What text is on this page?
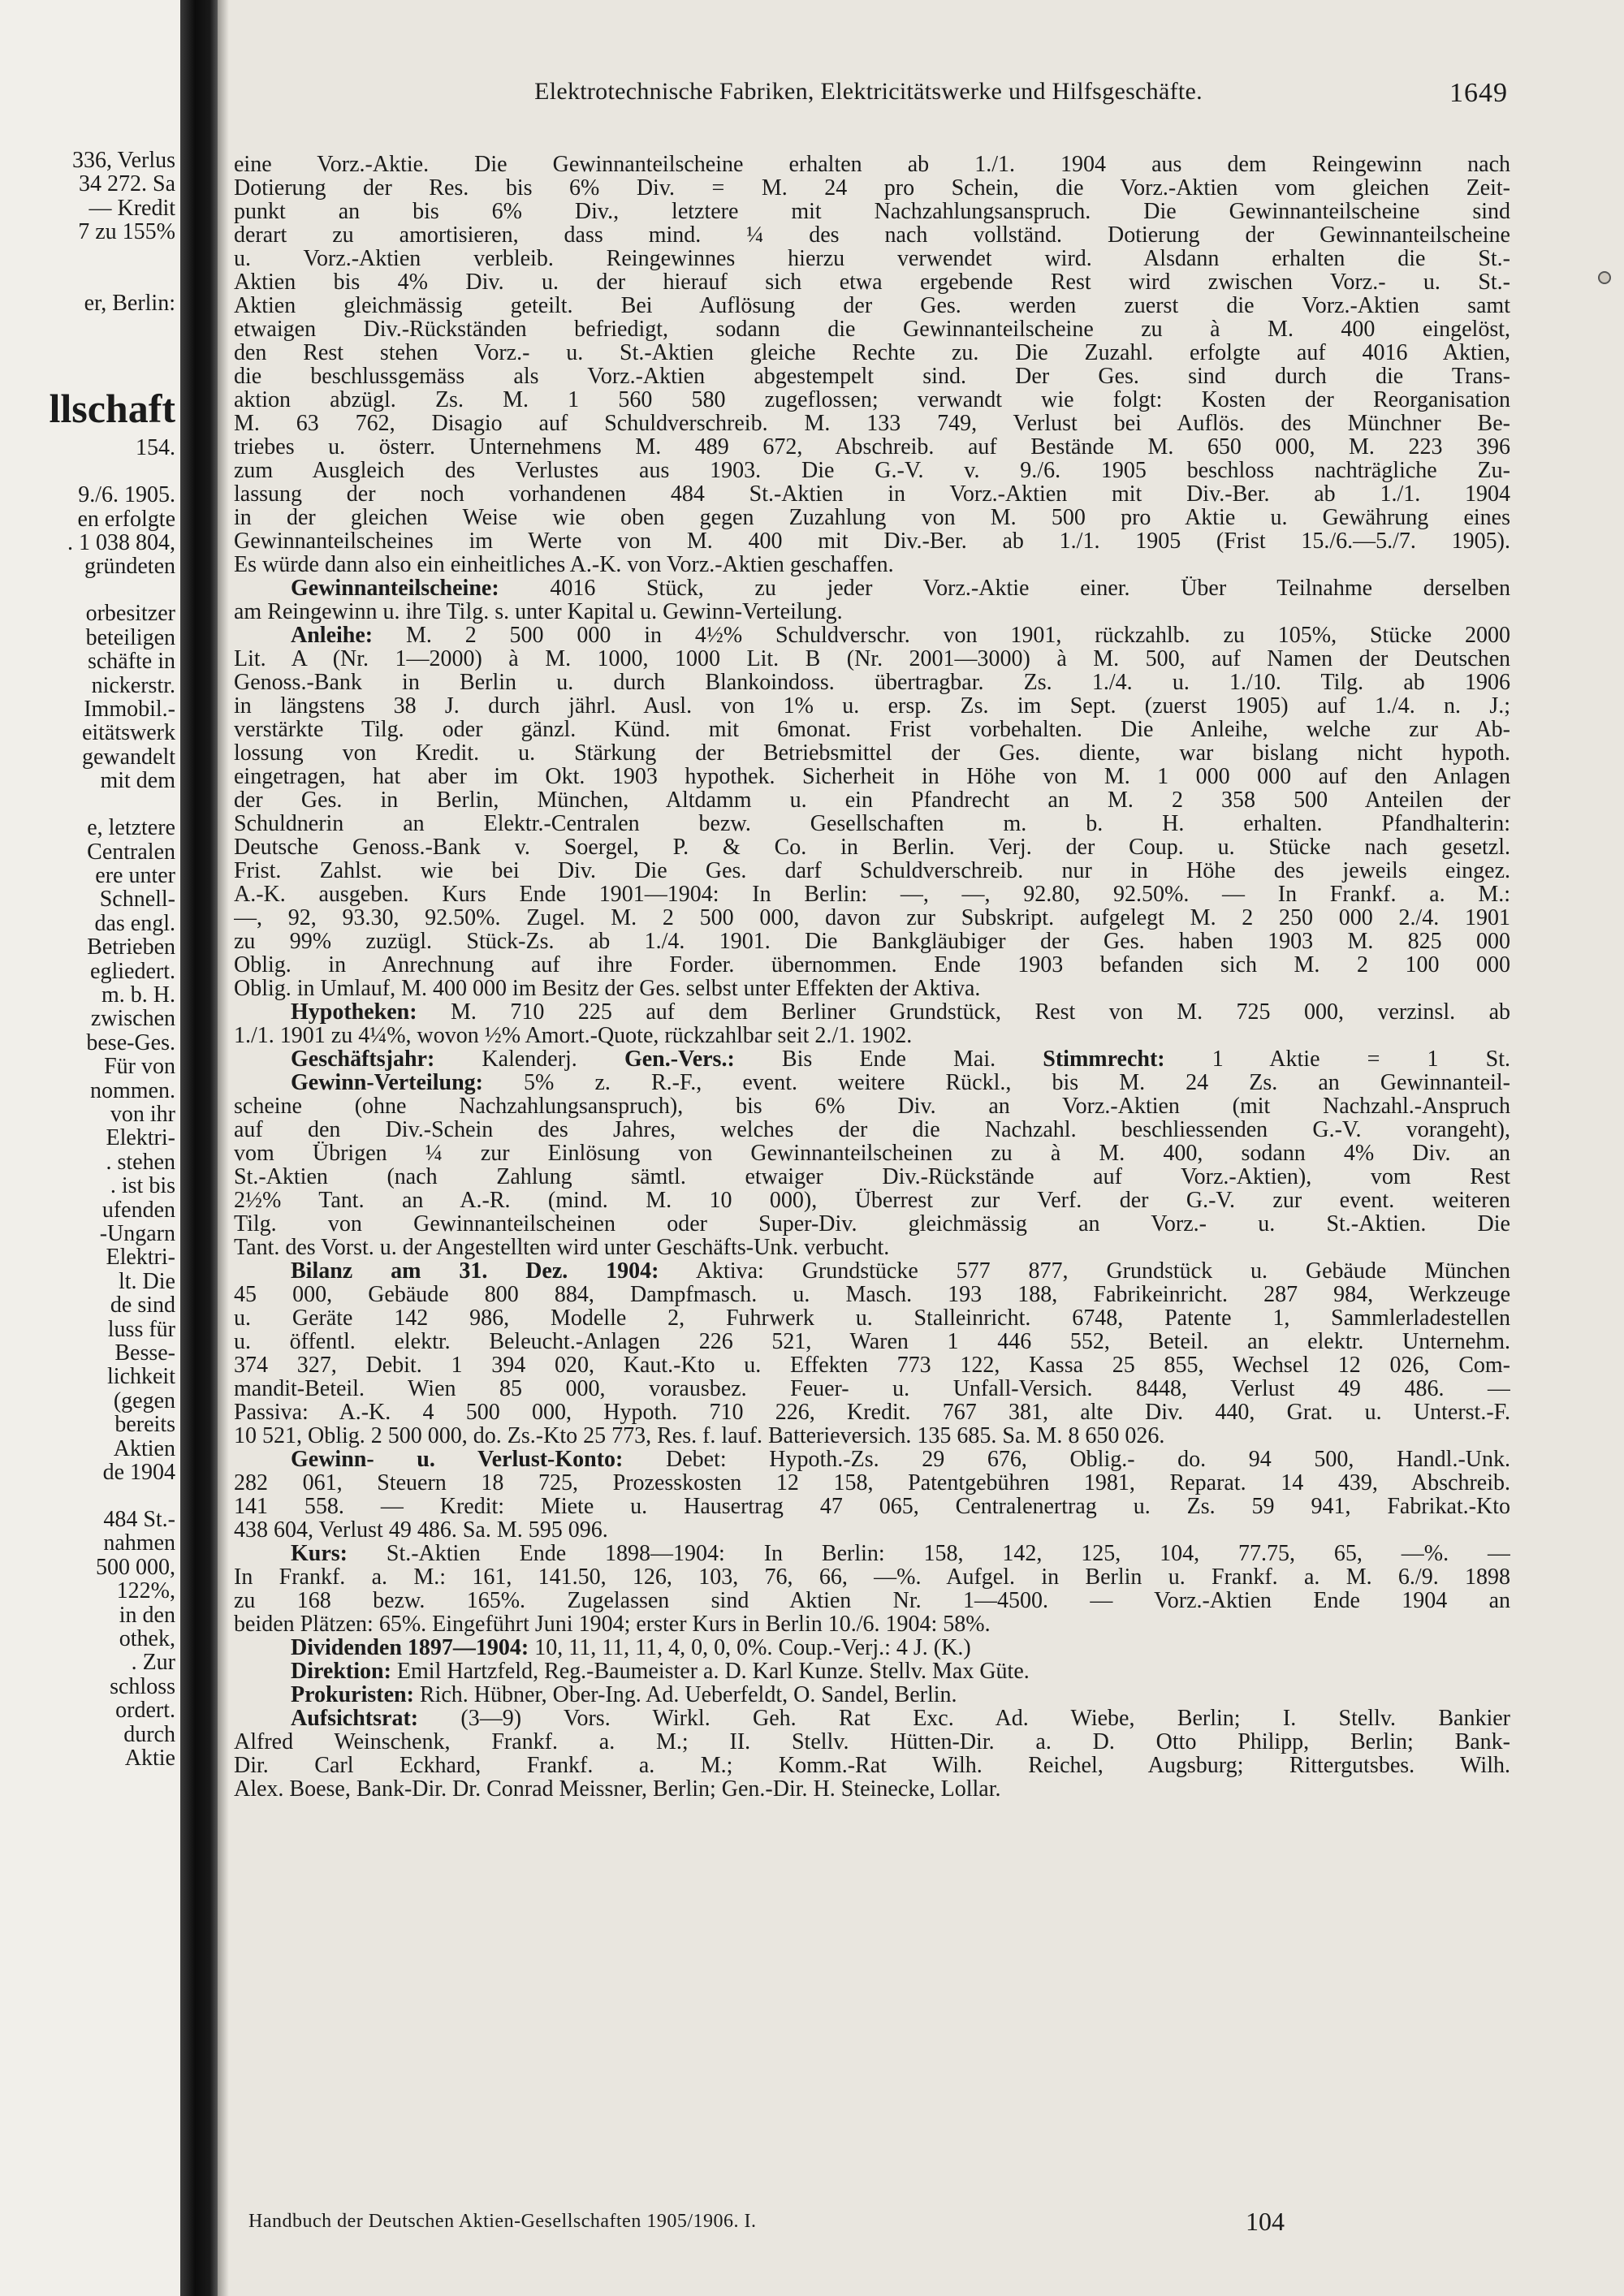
336, Verlus
34 272. Sa
— Kredit
7 zu 155%
er, Berlin:
llschaft
154.
9./6. 1905.
en erfolgte
. 1 038 804,
gründeten
orbesitzer
beteiligen
schäfte in
nickerstr.
Immobil.-
eitätswerk
gewandelt
mit dem
e, letztere
Centralen
ere unter
Schnell-
das engl.
Betrieben
egliedert.
m. b. H.
zwischen
bese-Ges.
Für von
nommen.
von ihr
Elektri-
. stehen
. ist bis
ufenden
-Ungarn
Elektri-
lt. Die
de sind
luss für
Besse-
lichkeit
(gegen
bereits
Aktien
de 1904
484 St.-
nahmen
500 000,
122%,
in den
othek,
. Zur
schloss
ordert.
durch
Aktie
Elektrotechnische Fabriken, Elektricitätswerke und Hilfsgeschäfte.	1649
eine Vorz.-Aktie. Die Gewinnanteilscheine erhalten ab 1./1. 1904 aus dem Reingewinn nach
Dotierung der Res. bis 6% Div. = M. 24 pro Schein, die Vorz.-Aktien vom gleichen Zeit-
punkt an bis 6% Div., letztere mit Nachzahlungsanspruch. Die Gewinnanteilscheine sind
derart zu amortisieren, dass mind. ¼ des nach vollständ. Dotierung der Gewinnanteilscheine
u. Vorz.-Aktien verbleib. Reingewinnes hierzu verwendet wird. Alsdann erhalten die St.-
Aktien bis 4% Div. u. der hierauf sich etwa ergebende Rest wird zwischen Vorz.- u. St.-
Aktien gleichmässig geteilt. Bei Auflösung der Ges. werden zuerst die Vorz.-Aktien samt
etwaigen Div.-Rückständen befriedigt, sodann die Gewinnanteilscheine zu à M. 400 eingelöst,
den Rest stehen Vorz.- u. St.-Aktien gleiche Rechte zu. Die Zuzahl. erfolgte auf 4016 Aktien,
die beschlussgemäss als Vorz.-Aktien abgestempelt sind. Der Ges. sind durch die Trans-
aktion abzügl. Zs. M. 1 560 580 zugeflossen; verwandt wie folgt: Kosten der Reorganisation
M. 63 762, Disagio auf Schuldverschreib. M. 133 749, Verlust bei Auflös. des Münchner Be-
triebes u. österr. Unternehmens M. 489 672, Abschreib. auf Bestände M. 650 000, M. 223 396
zum Ausgleich des Verlustes aus 1903. Die G.-V. v. 9./6. 1905 beschloss nachträgliche Zu-
lassung der noch vorhandenen 484 St.-Aktien in Vorz.-Aktien mit Div.-Ber. ab 1./1. 1904
in der gleichen Weise wie oben gegen Zuzahlung von M. 500 pro Aktie u. Gewährung eines
Gewinnanteilscheines im Werte von M. 400 mit Div.-Ber. ab 1./1. 1905 (Frist 15./6.—5./7. 1905).
Es würde dann also ein einheitliches A.-K. von Vorz.-Aktien geschaffen.
Gewinnanteilscheine: 4016 Stück, zu jeder Vorz.-Aktie einer. Über Teilnahme derselben
am Reingewinn u. ihre Tilg. s. unter Kapital u. Gewinn-Verteilung.
Anleihe: M. 2 500 000 in 4½% Schuldverschr. von 1901, rückzahlb. zu 105%, Stücke 2000
Lit. A (Nr. 1—2000) à M. 1000, 1000 Lit. B (Nr. 2001—3000) à M. 500, auf Namen der Deutschen
Genoss.-Bank in Berlin u. durch Blankoindoss. übertragbar. Zs. 1./4. u. 1./10. Tilg. ab 1906
in längstens 38 J. durch jährl. Ausl. von 1% u. ersp. Zs. im Sept. (zuerst 1905) auf 1./4. n. J.;
verstärkte Tilg. oder gänzl. Künd. mit 6monat. Frist vorbehalten. Die Anleihe, welche zur Ab-
lossung von Kredit. u. Stärkung der Betriebsmittel der Ges. diente, war bislang nicht hypoth.
eingetragen, hat aber im Okt. 1903 hypothek. Sicherheit in Höhe von M. 1 000 000 auf den Anlagen
der Ges. in Berlin, München, Altdamm u. ein Pfandrecht an M. 2 358 500 Anteilen der
Schuldnerin an Elektr.-Centralen bezw. Gesellschaften m. b. H. erhalten. Pfandhalterin:
Deutsche Genoss.-Bank v. Soergel, P. & Co. in Berlin. Verj. der Coup. u. Stücke nach gesetzl.
Frist. Zahlst. wie bei Div. Die Ges. darf Schuldverschreib. nur in Höhe des jeweils eingez.
A.-K. ausgeben. Kurs Ende 1901—1904: In Berlin: —, —, 92.80, 92.50%. — In Frankf. a. M.:
—, 92, 93.30, 92.50%. Zugel. M. 2 500 000, davon zur Subskript. aufgelegt M. 2 250 000 2./4. 1901
zu 99% zuzügl. Stück-Zs. ab 1./4. 1901. Die Bankgläubiger der Ges. haben 1903 M. 825 000
Oblig. in Anrechnung auf ihre Forder. übernommen. Ende 1903 befanden sich M. 2 100 000
Oblig. in Umlauf, M. 400 000 im Besitz der Ges. selbst unter Effekten der Aktiva.
Hypotheken: M. 710 225 auf dem Berliner Grundstück, Rest von M. 725 000, verzinsl. ab
1./1. 1901 zu 4¼%, wovon ½% Amort.-Quote, rückzahlbar seit 2./1. 1902.
Geschäftsjahr: Kalenderj. Gen.-Vers.: Bis Ende Mai. Stimmrecht: 1 Aktie = 1 St.
Gewinn-Verteilung: 5% z. R.-F., event. weitere Rückl., bis M. 24 Zs. an Gewinnanteil-
scheine (ohne Nachzahlungsanspruch), bis 6% Div. an Vorz.-Aktien (mit Nachzahl.-Anspruch
auf den Div.-Schein des Jahres, welches der die Nachzahl. beschliessenden G.-V. vorangeht),
vom Übrigen ¼ zur Einlösung von Gewinnanteilscheinen zu à M. 400, sodann 4% Div. an
St.-Aktien (nach Zahlung sämtl. etwaiger Div.-Rückstände auf Vorz.-Aktien), vom Rest
2½% Tant. an A.-R. (mind. M. 10 000), Überrest zur Verf. der G.-V. zur event. weiteren
Tilg. von Gewinnanteilscheinen oder Super-Div. gleichmässig an Vorz.- u. St.-Aktien. Die
Tant. des Vorst. u. der Angestellten wird unter Geschäfts-Unk. verbucht.
Bilanz am 31. Dez. 1904: Aktiva: Grundstücke 577 877, Grundstück u. Gebäude München
45 000, Gebäude 800 884, Dampfmasch. u. Masch. 193 188, Fabrikeinricht. 287 984, Werkzeuge
u. Geräte 142 986, Modelle 2, Fuhrwerk u. Stalleinricht. 6748, Patente 1, Sammlerladestellen
u. öffentl. elektr. Beleucht.-Anlagen 226 521, Waren 1 446 552, Beteil. an elektr. Unternehm.
374 327, Debit. 1 394 020, Kaut.-Kto u. Effekten 773 122, Kassa 25 855, Wechsel 12 026, Com-
mandit-Beteil. Wien 85 000, vorausbez. Feuer- u. Unfall-Versich. 8448, Verlust 49 486. —
Passiva: A.-K. 4 500 000, Hypoth. 710 226, Kredit. 767 381, alte Div. 440, Grat. u. Unterst.-F.
10 521, Oblig. 2 500 000, do. Zs.-Kto 25 773, Res. f. lauf. Batterieversich. 135 685. Sa. M. 8 650 026.
Gewinn- u. Verlust-Konto: Debet: Hypoth.-Zs. 29 676, Oblig.- do. 94 500, Handl.-Unk.
282 061, Steuern 18 725, Prozesskosten 12 158, Patentgebühren 1981, Reparat. 14 439, Abschreib.
141 558. — Kredit: Miete u. Hausertrag 47 065, Centralenertrag u. Zs. 59 941, Fabrikat.-Kto
438 604, Verlust 49 486. Sa. M. 595 096.
Kurs: St.-Aktien Ende 1898—1904: In Berlin: 158, 142, 125, 104, 77.75, 65, —%. —
In Frankf. a. M.: 161, 141.50, 126, 103, 76, 66, —%. Aufgel. in Berlin u. Frankf. a. M. 6./9. 1898
zu 168 bezw. 165%. Zugelassen sind Aktien Nr. 1—4500. — Vorz.-Aktien Ende 1904 an
beiden Plätzen: 65%. Eingeführt Juni 1904; erster Kurs in Berlin 10./6. 1904: 58%.
Dividenden 1897—1904: 10, 11, 11, 11, 4, 0, 0, 0%. Coup.-Verj.: 4 J. (K.)
Direktion: Emil Hartzfeld, Reg.-Baumeister a. D. Karl Kunze. Stellv. Max Güte.
Prokuristen: Rich. Hübner, Ober-Ing. Ad. Ueberfeldt, O. Sandel, Berlin.
Aufsichtsrat: (3—9) Vors. Wirkl. Geh. Rat Exc. Ad. Wiebe, Berlin; I. Stellv. Bankier
Alfred Weinschenk, Frankf. a. M.; II. Stellv. Hütten-Dir. a. D. Otto Philipp, Berlin; Bank-
Dir. Carl Eckhard, Frankf. a. M.; Komm.-Rat Wilh. Reichel, Augsburg; Rittergutsbes. Wilh.
Alex. Boese, Bank-Dir. Dr. Conrad Meissner, Berlin; Gen.-Dir. H. Steinecke, Lollar.
Handbuch der Deutschen Aktien-Gesellschaften 1905/1906. I.	104
